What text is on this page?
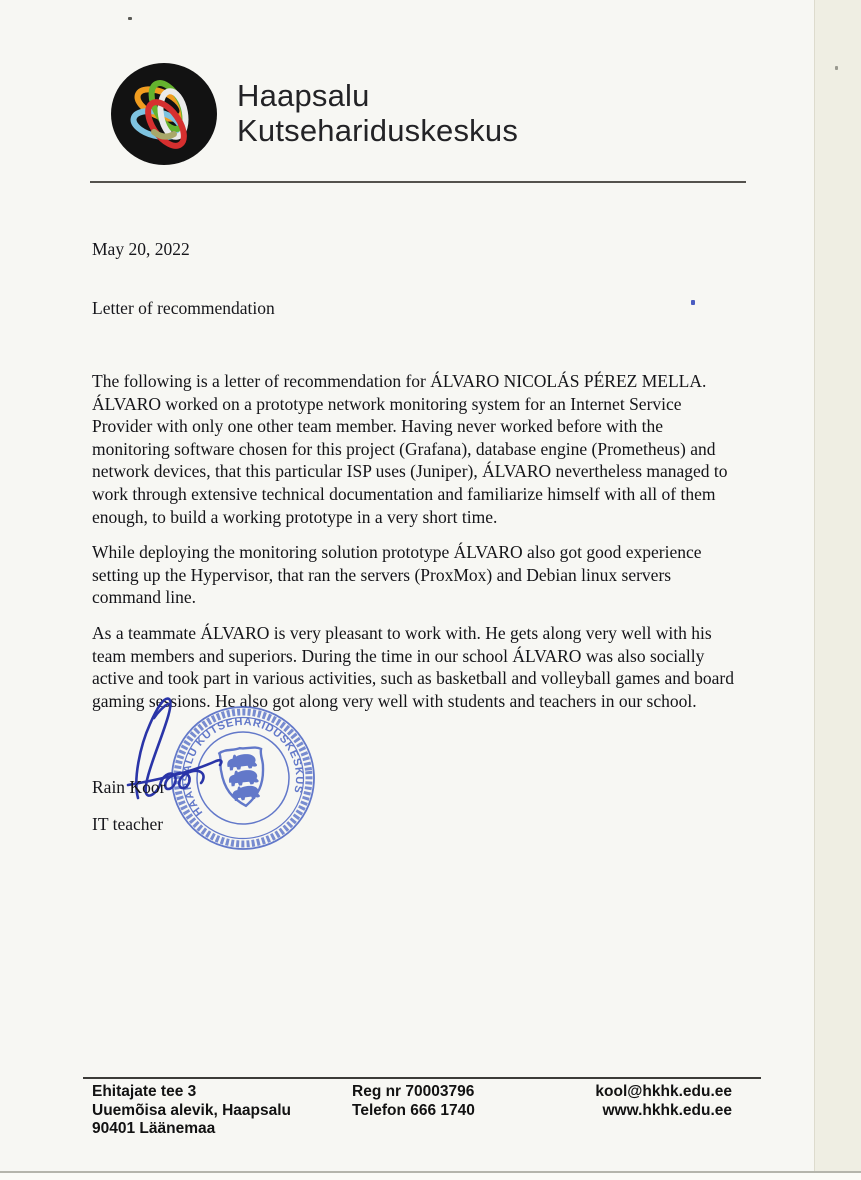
Haapsalu
Kutsehariduskeskus
May 20, 2022
Letter of recommendation

The following is a letter of recommendation for ÁLVARO NICOLÁS PÉREZ MELLA. ÁLVARO worked on a prototype network monitoring system for an Internet Service Provider with only one other team member. Having never worked before with the monitoring software chosen for this project (Grafana), database engine (Prometheus) and network devices, that this particular ISP uses (Juniper), ÁLVARO nevertheless managed to work through extensive technical documentation and familiarize himself with all of them enough, to build a working prototype in a very short time.

While deploying the monitoring solution prototype ÁLVARO also got good experience setting up the Hypervisor, that ran the servers (ProxMox) and Debian linux servers command line.

As a teammate ÁLVARO is very pleasant to work with. He gets along very well with his team members and superiors. During the time in our school ÁLVARO was also socially active and took part in various activities, such as basketball and volleyball games and board gaming sessions. He also got along very well with students and teachers in our school.

HAAPSALU KUTSEHARIDUSKESKUS
Rain Koor
IT teacher
Ehitajate tee 3
Uuemõisa alevik, Haapsalu
90401 Läänemaa
Reg nr 70003796
Telefon 666 1740
kool@hkhk.edu.ee
www.hkhk.edu.ee
